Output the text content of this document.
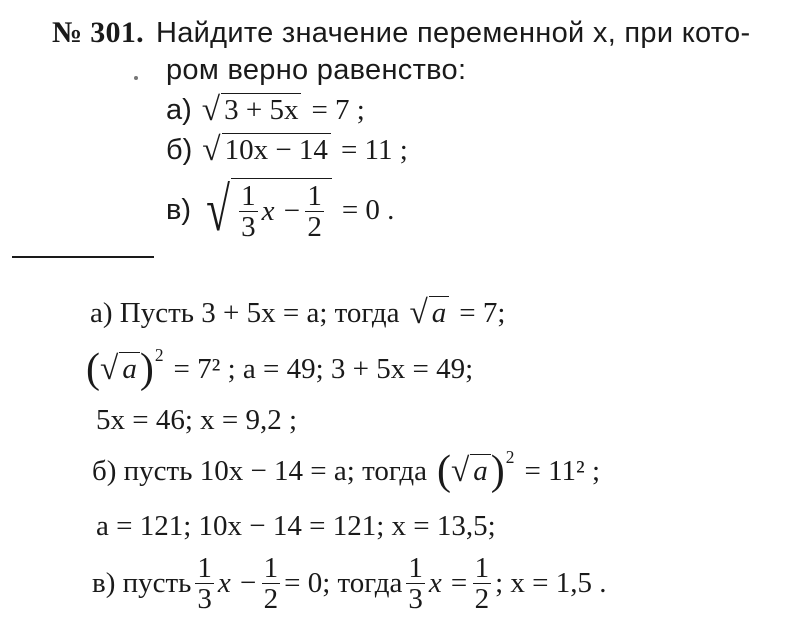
№ 301. Найдите значение переменной x, при кото-
ром верно равенство:
а) √ 3 + 5x = 7 ;
б) √ 10x − 14 = 11 ;
в) √ $\frac{1}{3}$ $x - \frac{1}{2} = 0$ .
а) Пусть 3 + 5x = a; тогда √ a = 7;
( √ a ) 2 = 7² ; a = 49; 3 + 5x = 49;
5x = 46; x = 9,2 ;
б) пусть 10x − 14 = a; тогда ( √ a ) 2 = 11² ;
a = 121; 10x − 14 = 121; x = 13,5;
в) пусть $\frac{1}{3}$ $x - \frac{1}{2} = 0$; тогда $\frac{1}{3}$ $x = \frac{1}{2}$ ; x = 1,5 .
